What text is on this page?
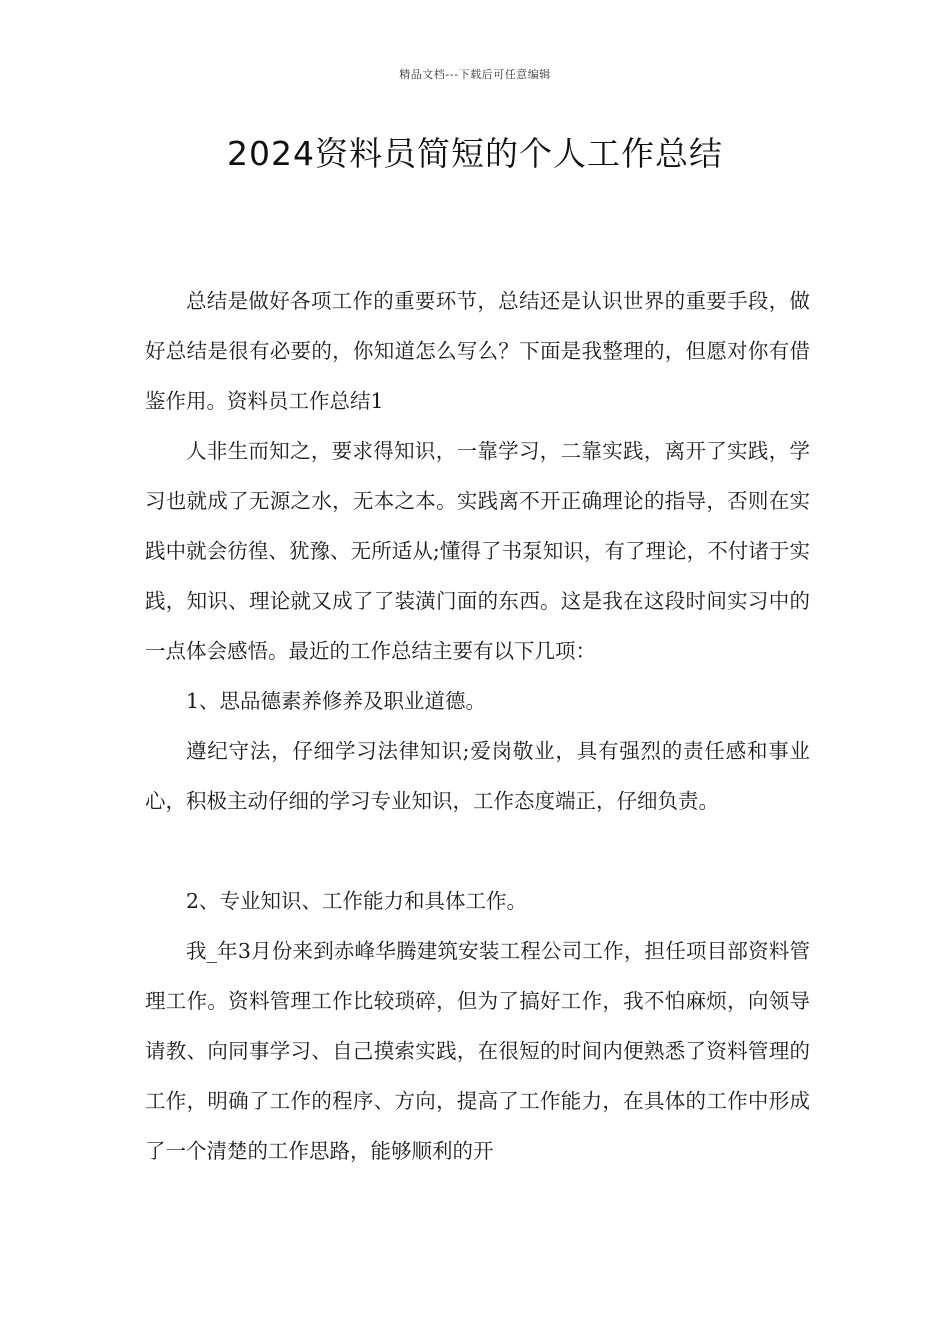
精品文档---下载后可任意编辑
2024资料员简短的个人工作总结

总结是做好各项工作的重要环节，总结还是认识世界的重要手段，做好总结是很有必要的，你知道怎么写么？下面是我整理的，但愿对你有借鉴作用。资料员工作总结1

人非生而知之，要求得知识，一靠学习，二靠实践，离开了实践，学习也就成了无源之水，无本之本。实践离不开正确理论的指导，否则在实践中就会彷徨、犹豫、无所适从;懂得了书泵知识，有了理论，不付诸于实践，知识、理论就又成了了装潢门面的东西。这是我在这段时间实习中的一点体会感悟。最近的工作总结主要有以下几项：

1、思品德素养修养及职业道德。

遵纪守法，仔细学习法律知识;爱岗敬业，具有强烈的责任感和事业心，积极主动仔细的学习专业知识，工作态度端正，仔细负责。

2、专业知识、工作能力和具体工作。

我_年3月份来到赤峰华腾建筑安装工程公司工作，担任项目部资料管理工作。资料管理工作比较琐碎，但为了搞好工作，我不怕麻烦，向领导请教、向同事学习、自己摸索实践，在很短的时间内便熟悉了资料管理的工作，明确了工作的程序、方向，提高了工作能力，在具体的工作中形成了一个清楚的工作思路，能够顺利的开
